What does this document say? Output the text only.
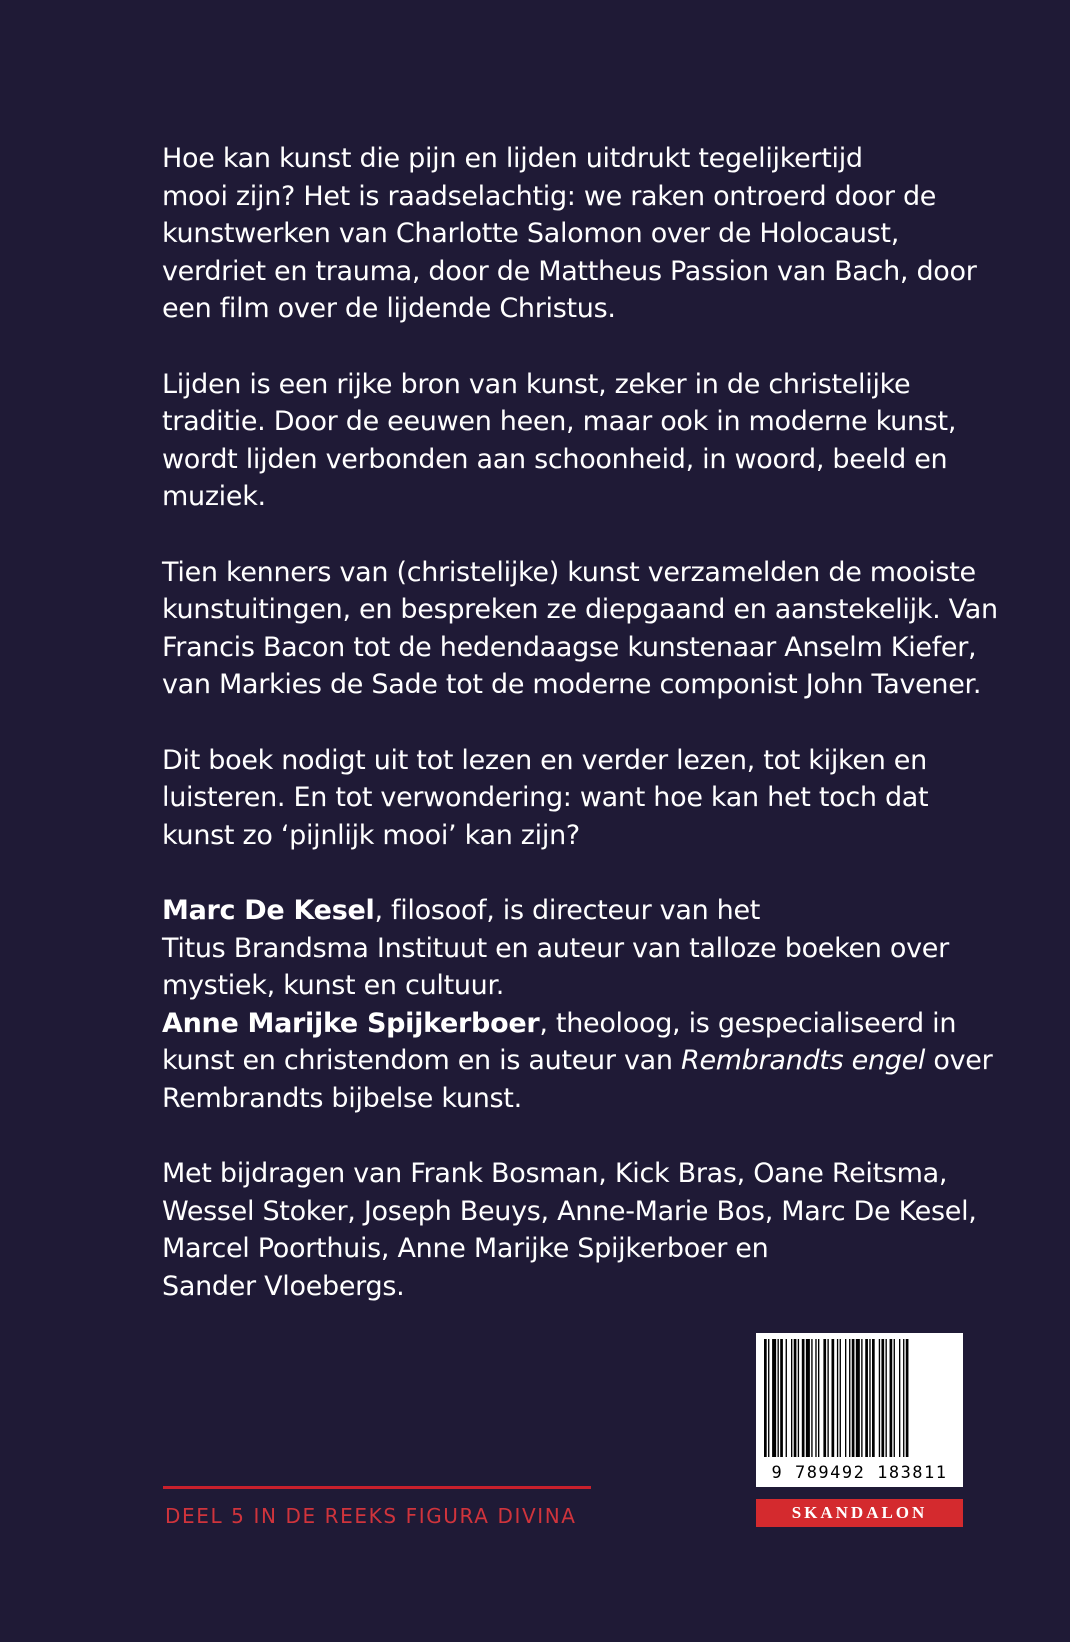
Hoe kan kunst die pijn en lijden uitdrukt tegelijkertijd
mooi zijn? Het is raadselachtig: we raken ontroerd door de
kunstwerken van Charlotte Salomon over de Holocaust,
verdriet en trauma, door de Mattheus Passion van Bach, door
een film over de lijdende Christus.

Lijden is een rijke bron van kunst, zeker in de christelijke
traditie. Door de eeuwen heen, maar ook in moderne kunst,
wordt lijden verbonden aan schoonheid, in woord, beeld en
muziek.

Tien kenners van (christelijke) kunst verzamelden de mooiste
kunstuitingen, en bespreken ze diepgaand en aanstekelijk. Van
Francis Bacon tot de hedendaagse kunstenaar Anselm Kiefer,
van Markies de Sade tot de moderne componist John Tavener.

Dit boek nodigt uit tot lezen en verder lezen, tot kijken en
luisteren. En tot verwondering: want hoe kan het toch dat
kunst zo ‘pijnlijk mooi’ kan zijn?

Marc De Kesel, filosoof, is directeur van het
Titus Brandsma Instituut en auteur van talloze boeken over
mystiek, kunst en cultuur.
Anne Marijke Spijkerboer, theoloog, is gespecialiseerd in
kunst en christendom en is auteur van Rembrandts engel over
Rembrandts bijbelse kunst.

Met bijdragen van Frank Bosman, Kick Bras, Oane Reitsma,
Wessel Stoker, Joseph Beuys, Anne-Marie Bos, Marc De Kesel,
Marcel Poorthuis, Anne Marijke Spijkerboer en
Sander Vloebergs.

DEEL 5 IN DE REEKS FIGURA DIVINA
9 789492 183811
SKANDALON
